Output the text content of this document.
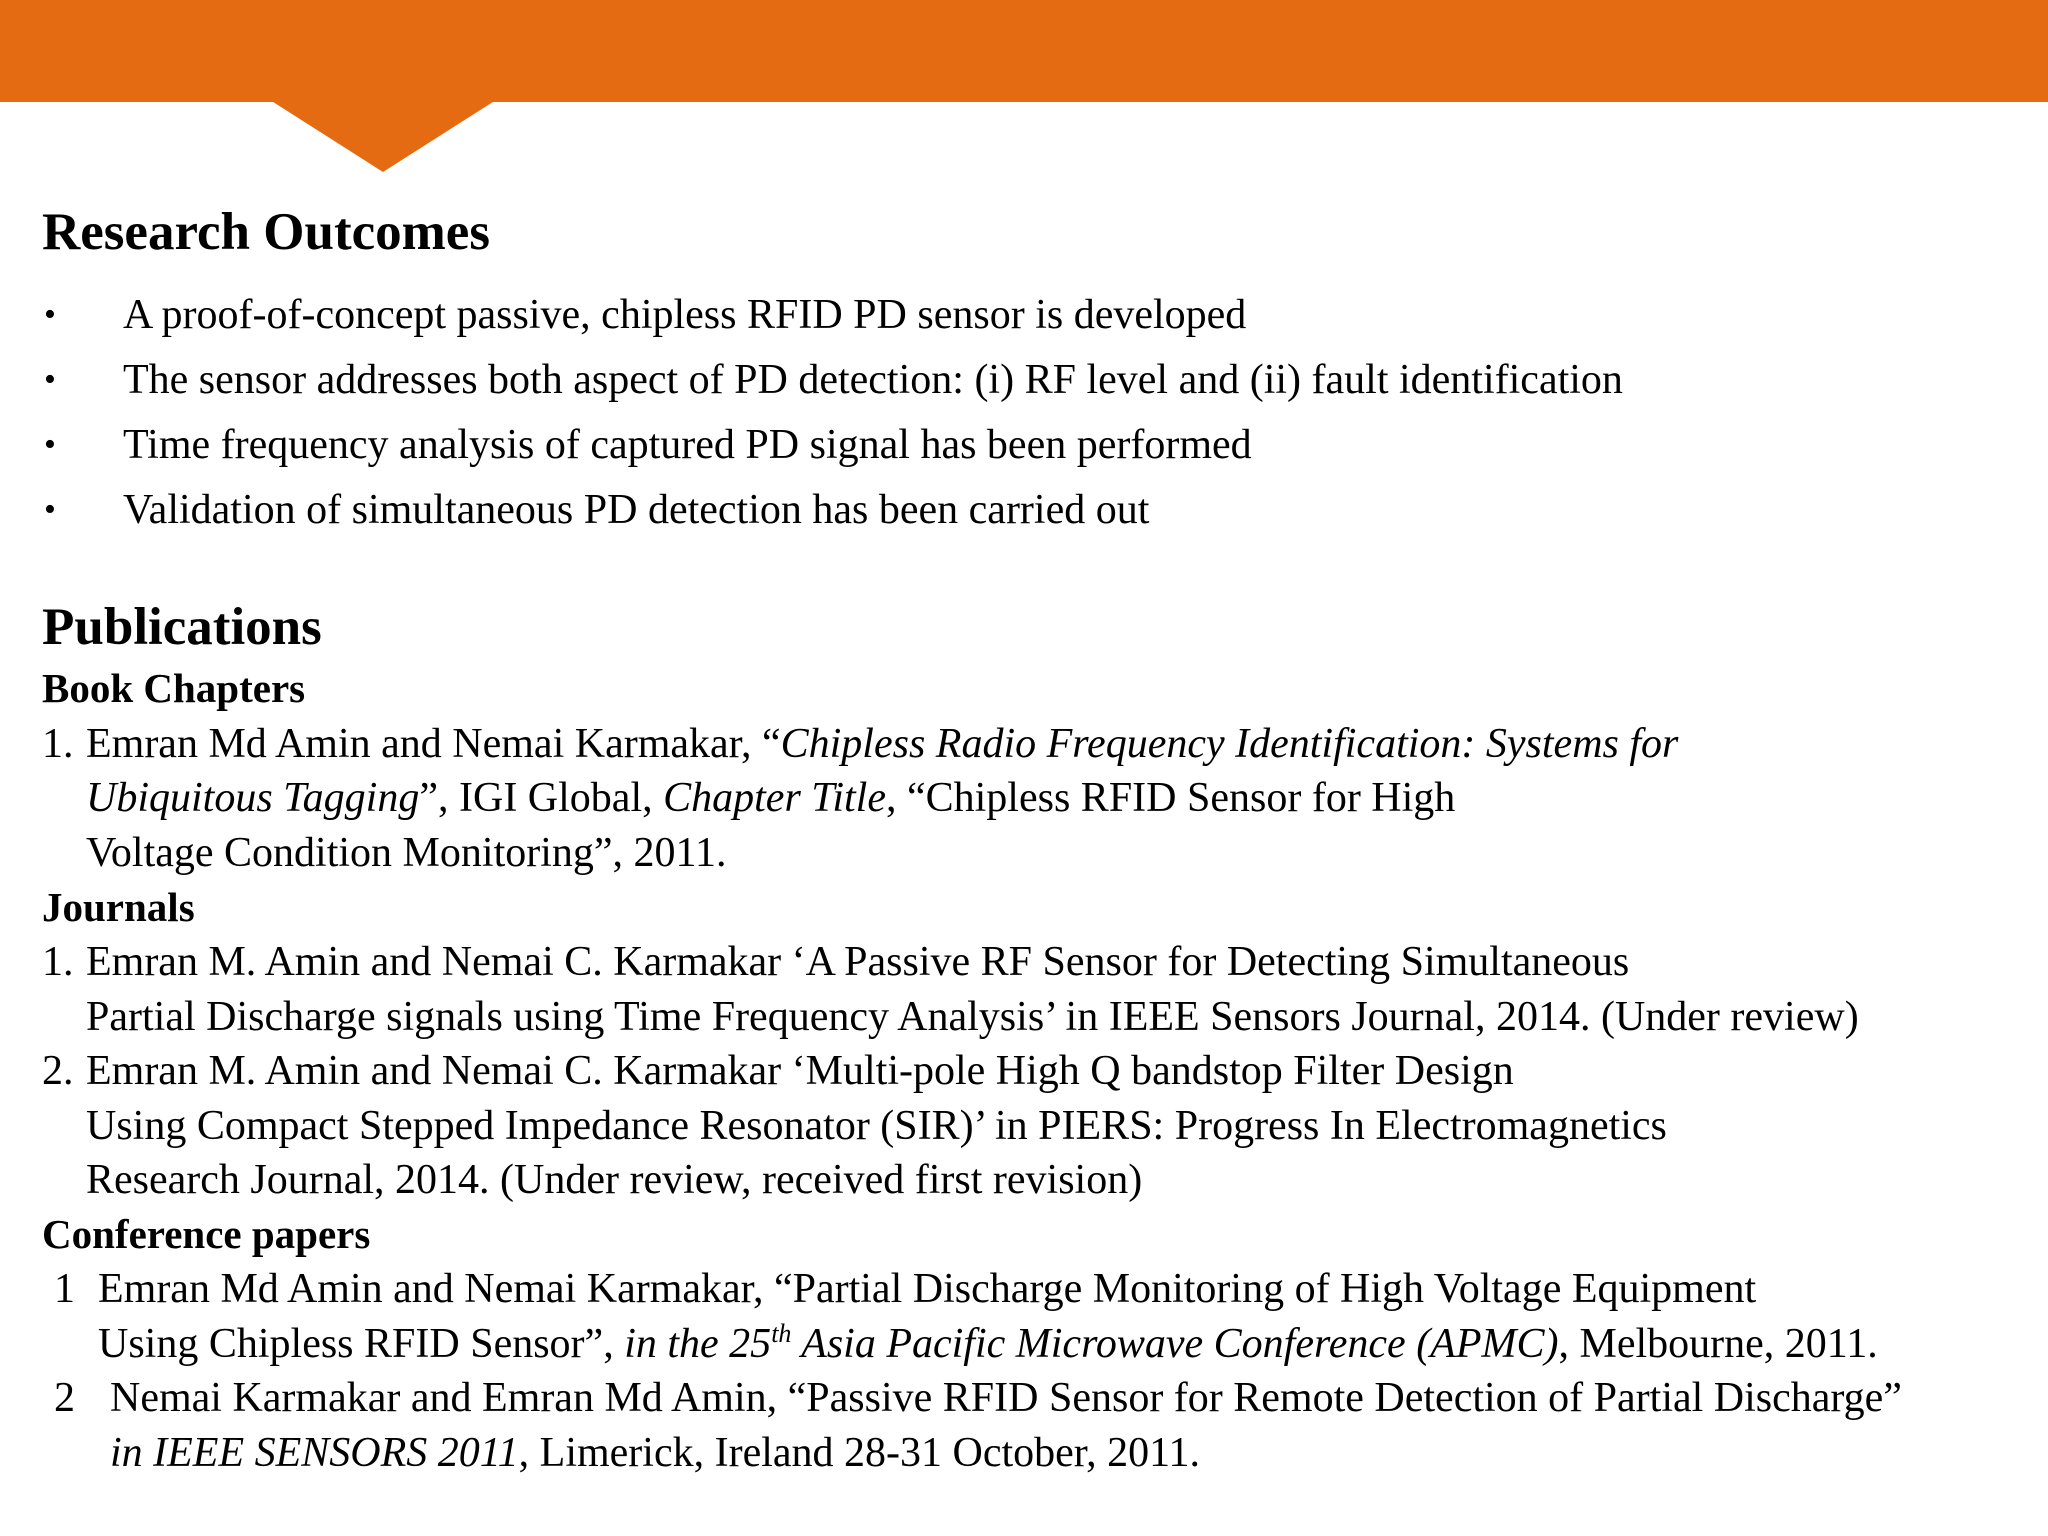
Research Outcomes
• A proof-of-concept passive, chipless RFID PD sensor is developed
• The sensor addresses both aspect of PD detection: (i) RF level and (ii) fault identification
• Time frequency analysis of captured PD signal has been performed
• Validation of simultaneous PD detection has been carried out
Publications
Book Chapters
1. Emran Md Amin and Nemai Karmakar, “Chipless Radio Frequency Identification: Systems for
Ubiquitous Tagging”, IGI Global, Chapter Title, “Chipless RFID Sensor for High
Voltage Condition Monitoring”, 2011.
Journals
1. Emran M. Amin and Nemai C. Karmakar ‘A Passive RF Sensor for Detecting Simultaneous
Partial Discharge signals using Time Frequency Analysis’ in IEEE Sensors Journal, 2014. (Under review)
2. Emran M. Amin and Nemai C. Karmakar ‘Multi-pole High Q bandstop Filter Design
Using Compact Stepped Impedance Resonator (SIR)’ in PIERS: Progress In Electromagnetics
Research Journal, 2014. (Under review, received first revision)
Conference papers
1 Emran Md Amin and Nemai Karmakar, “Partial Discharge Monitoring of High Voltage Equipment
Using Chipless RFID Sensor”, in the 25th Asia Pacific Microwave Conference (APMC), Melbourne, 2011.
2 Nemai Karmakar and Emran Md Amin, “Passive RFID Sensor for Remote Detection of Partial Discharge”
in IEEE SENSORS 2011, Limerick, Ireland 28-31 October, 2011.
